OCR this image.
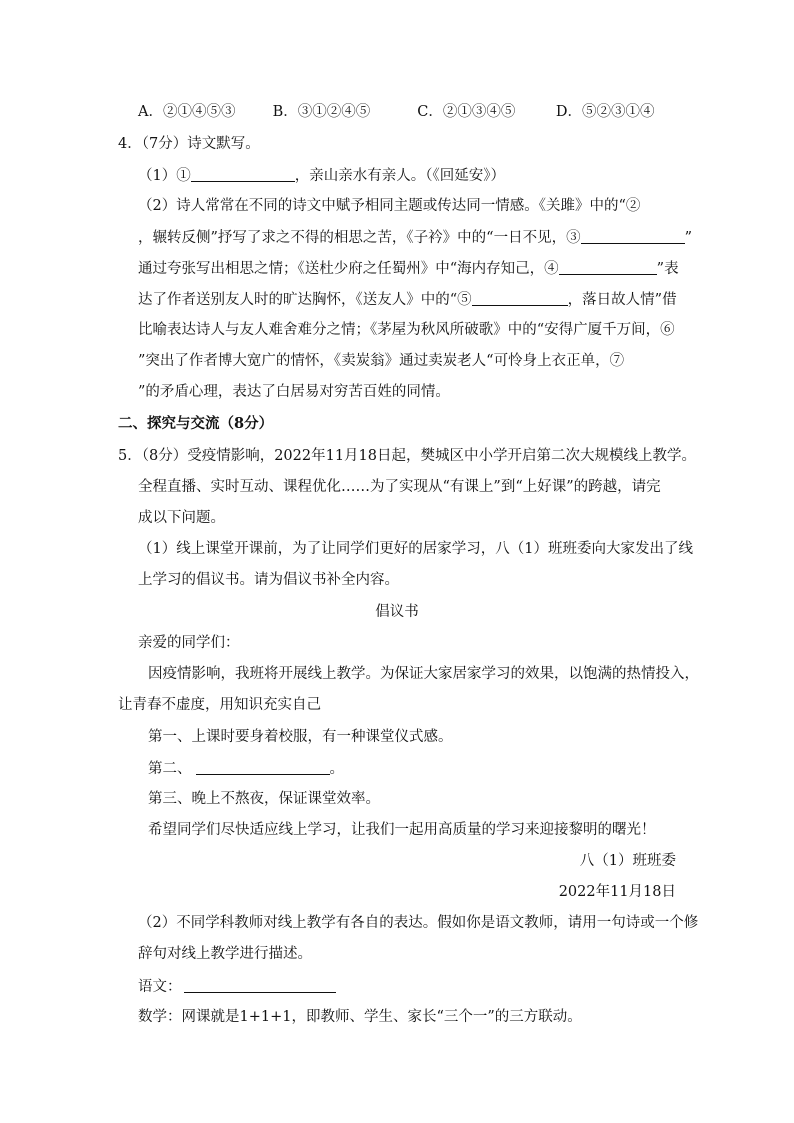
A．②①④⑤③	B．③①②④⑤	C．②①③④⑤	D．⑤②③①④
4．（7分）诗文默写。
（1）①	，亲山亲水有亲人。（《回延安》）
（2）诗人常常在不同的诗文中赋予相同主题或传达同一情感。《关雎》中的“②
，辗转反侧”抒写了求之不得的相思之苦，《子衿》中的“一日不见，③	”
通过夸张写出相思之情；《送杜少府之任蜀州》中“海内存知己，④	”表
达了作者送别友人时的旷达胸怀，《送友人》中的“⑤	，落日故人情”借
比喻表达诗人与友人难舍难分之情；《茅屋为秋风所破歌》中的“安得广厦千万间，⑥
”突出了作者博大宽广的情怀，《卖炭翁》通过卖炭老人“可怜身上衣正单，⑦
”的矛盾心理，表达了白居易对穷苦百姓的同情。
二、探究与交流（8分）
5．（8分）受疫情影响，2022年11月18日起，樊城区中小学开启第二次大规模线上教学。
全程直播、实时互动、课程优化……为了实现从“有课上”到“上好课”的跨越，请完
成以下问题。
（1）线上课堂开课前，为了让同学们更好的居家学习，八（1）班班委向大家发出了线
上学习的倡议书。请为倡议书补全内容。
倡议书
亲爱的同学们：
因疫情影响，我班将开展线上教学。为保证大家居家学习的效果，以饱满的热情投入，
让青春不虚度，用知识充实自己
第一、上课时要身着校服，有一种课堂仪式感。
第二、	。
第三、晚上不熬夜，保证课堂效率。
希望同学们尽快适应线上学习，让我们一起用高质量的学习来迎接黎明的曙光！
八（1）班班委
2022年11月18日
（2）不同学科教师对线上教学有各自的表达。假如你是语文教师，请用一句诗或一个修
辞句对线上教学进行描述。
语文：
数学：网课就是1+1+1，即教师、学生、家长“三个一”的三方联动。
